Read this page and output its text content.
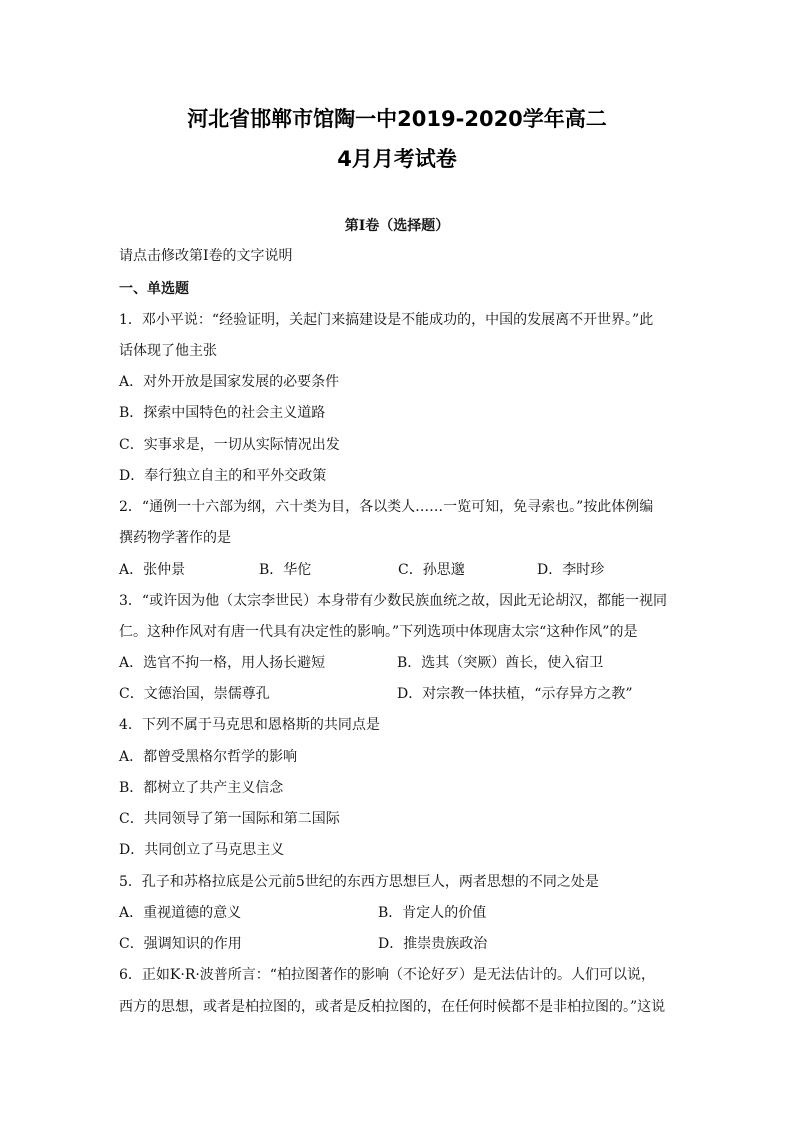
河北省邯郸市馆陶一中2019-2020学年高二
4月月考试卷
第I卷（选择题）
请点击修改第I卷的文字说明
一、单选题
1．邓小平说：“经验证明，关起门来搞建设是不能成功的，中国的发展离不开世界。”此
话体现了他主张
A．对外开放是国家发展的必要条件
B．探索中国特色的社会主义道路
C．实事求是，一切从实际情况出发
D．奉行独立自主的和平外交政策
2．“通例一十六部为纲，六十类为目，各以类人……一览可知，免寻索也。”按此体例编
撰药物学著作的是
A．张仲景	B．华佗	C．孙思邈	D．李时珍
3．“或许因为他（太宗李世民）本身带有少数民族血统之故，因此无论胡汉，都能一视同
仁。这种作风对有唐一代具有决定性的影响。”下列选项中体现唐太宗“这种作风”的是
A．选官不拘一格，用人扬长避短	B．选其（突厥）酋长，使入宿卫
C．文德治国，崇儒尊孔	D．对宗教一体扶植，“示存异方之教”
4．下列不属于马克思和恩格斯的共同点是
A．都曾受黑格尔哲学的影响
B．都树立了共产主义信念
C．共同领导了第一国际和第二国际
D．共同创立了马克思主义
5．孔子和苏格拉底是公元前5世纪的东西方思想巨人，两者思想的不同之处是
A．重视道德的意义	B．肯定人的价值
C．强调知识的作用	D．推崇贵族政治
6．正如K·R·波普所言：“柏拉图著作的影响（不论好歹）是无法估计的。人们可以说，
西方的思想，或者是柏拉图的，或者是反柏拉图的，在任何时候都不是非柏拉图的。”这说
